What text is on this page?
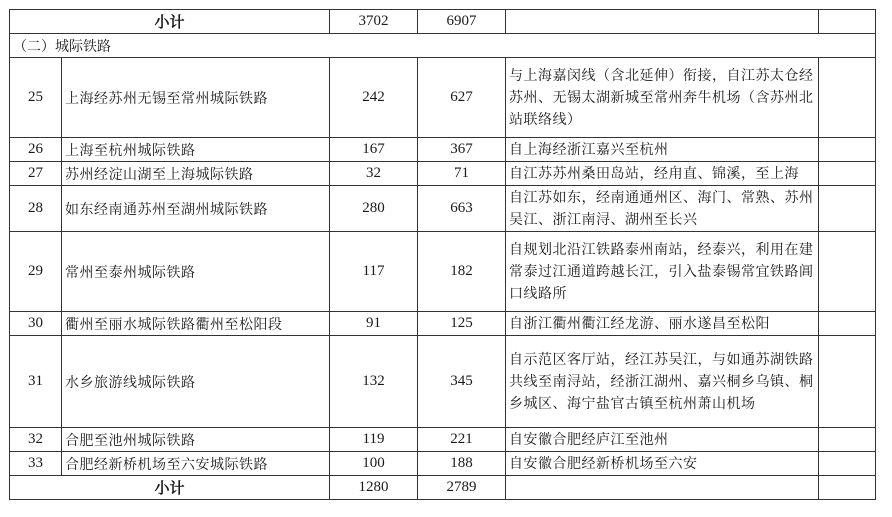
小计		3702	6907		
（二）城际铁路					
25	上海经苏州无锡至常州城际铁路	242	627	与上海嘉闵线（含北延伸）衔接，自江苏太仓经苏州、无锡太湖新城至常州奔牛机场（含苏州北站联络线）	
26	上海至杭州城际铁路	167	367	自上海经浙江嘉兴至杭州	
27	苏州经淀山湖至上海城际铁路	32	71	自江苏苏州桑田岛站，经甪直、锦溪，至上海	
28	如东经南通苏州至湖州城际铁路	280	663	自江苏如东，经南通通州区、海门、常熟、苏州吴江、浙江南浔、湖州至长兴	
29	常州至泰州城际铁路	117	182	自规划北沿江铁路泰州南站，经泰兴，利用在建常泰过江通道跨越长江，引入盐泰锡常宜铁路阊口线路所	
30	衢州至丽水城际铁路衢州至松阳段	91	125	自浙江衢州衢江经龙游、丽水遂昌至松阳	
31	水乡旅游线城际铁路	132	345	自示范区客厅站，经江苏吴江，与如通苏湖铁路共线至南浔站，经浙江湖州、嘉兴桐乡乌镇、桐乡城区、海宁盐官古镇至杭州萧山机场	
32	合肥至池州城际铁路	119	221	自安徽合肥经庐江至池州	
33	合肥经新桥机场至六安城际铁路	100	188	自安徽合肥经新桥机场至六安	
小计		1280	2789		
